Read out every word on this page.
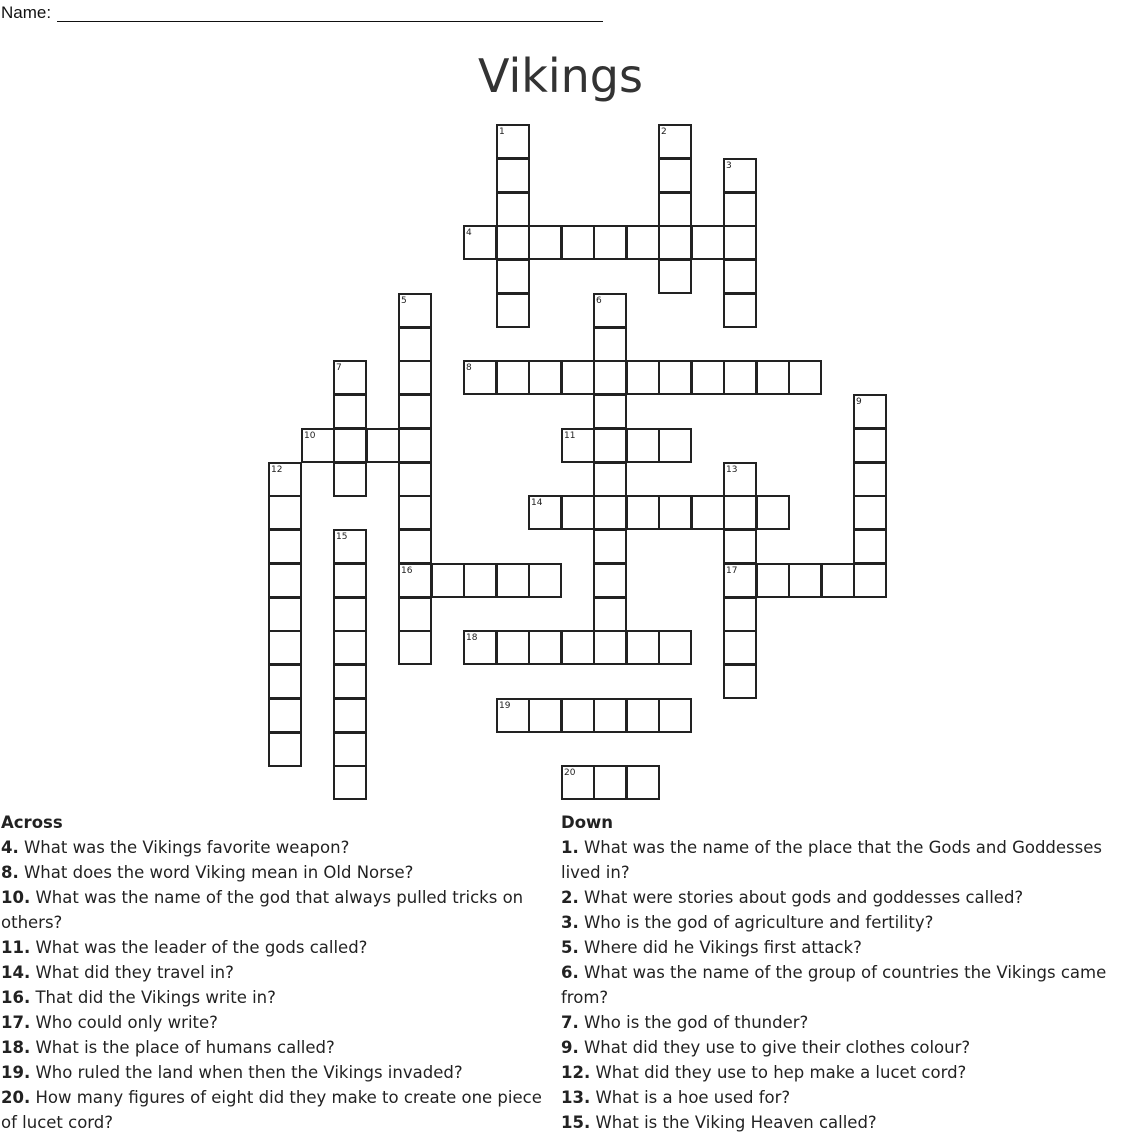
Name:
Vikings
1	2
3
4
5
16
6
7	8
9
10	11
12	13
17
14
15
18
19
20
Across
4. What was the Vikings favorite weapon?
8. What does the word Viking mean in Old Norse?
10. What was the name of the god that always pulled tricks on others?
11. What was the leader of the gods called?
14. What did they travel in?
16. That did the Vikings write in?
17. Who could only write?
18. What is the place of humans called?
19. Who ruled the land when then the Vikings invaded?
20. How many figures of eight did they make to create one piece of lucet cord?
Down
1. What was the name of the place that the Gods and Goddesses lived in?
2. What were stories about gods and goddesses called?
3. Who is the god of agriculture and fertility?
5. Where did he Vikings first attack?
6. What was the name of the group of countries the Vikings came from?
7. Who is the god of thunder?
9. What did they use to give their clothes colour?
12. What did they use to hep make a lucet cord?
13. What is a hoe used for?
15. What is the Viking Heaven called?
